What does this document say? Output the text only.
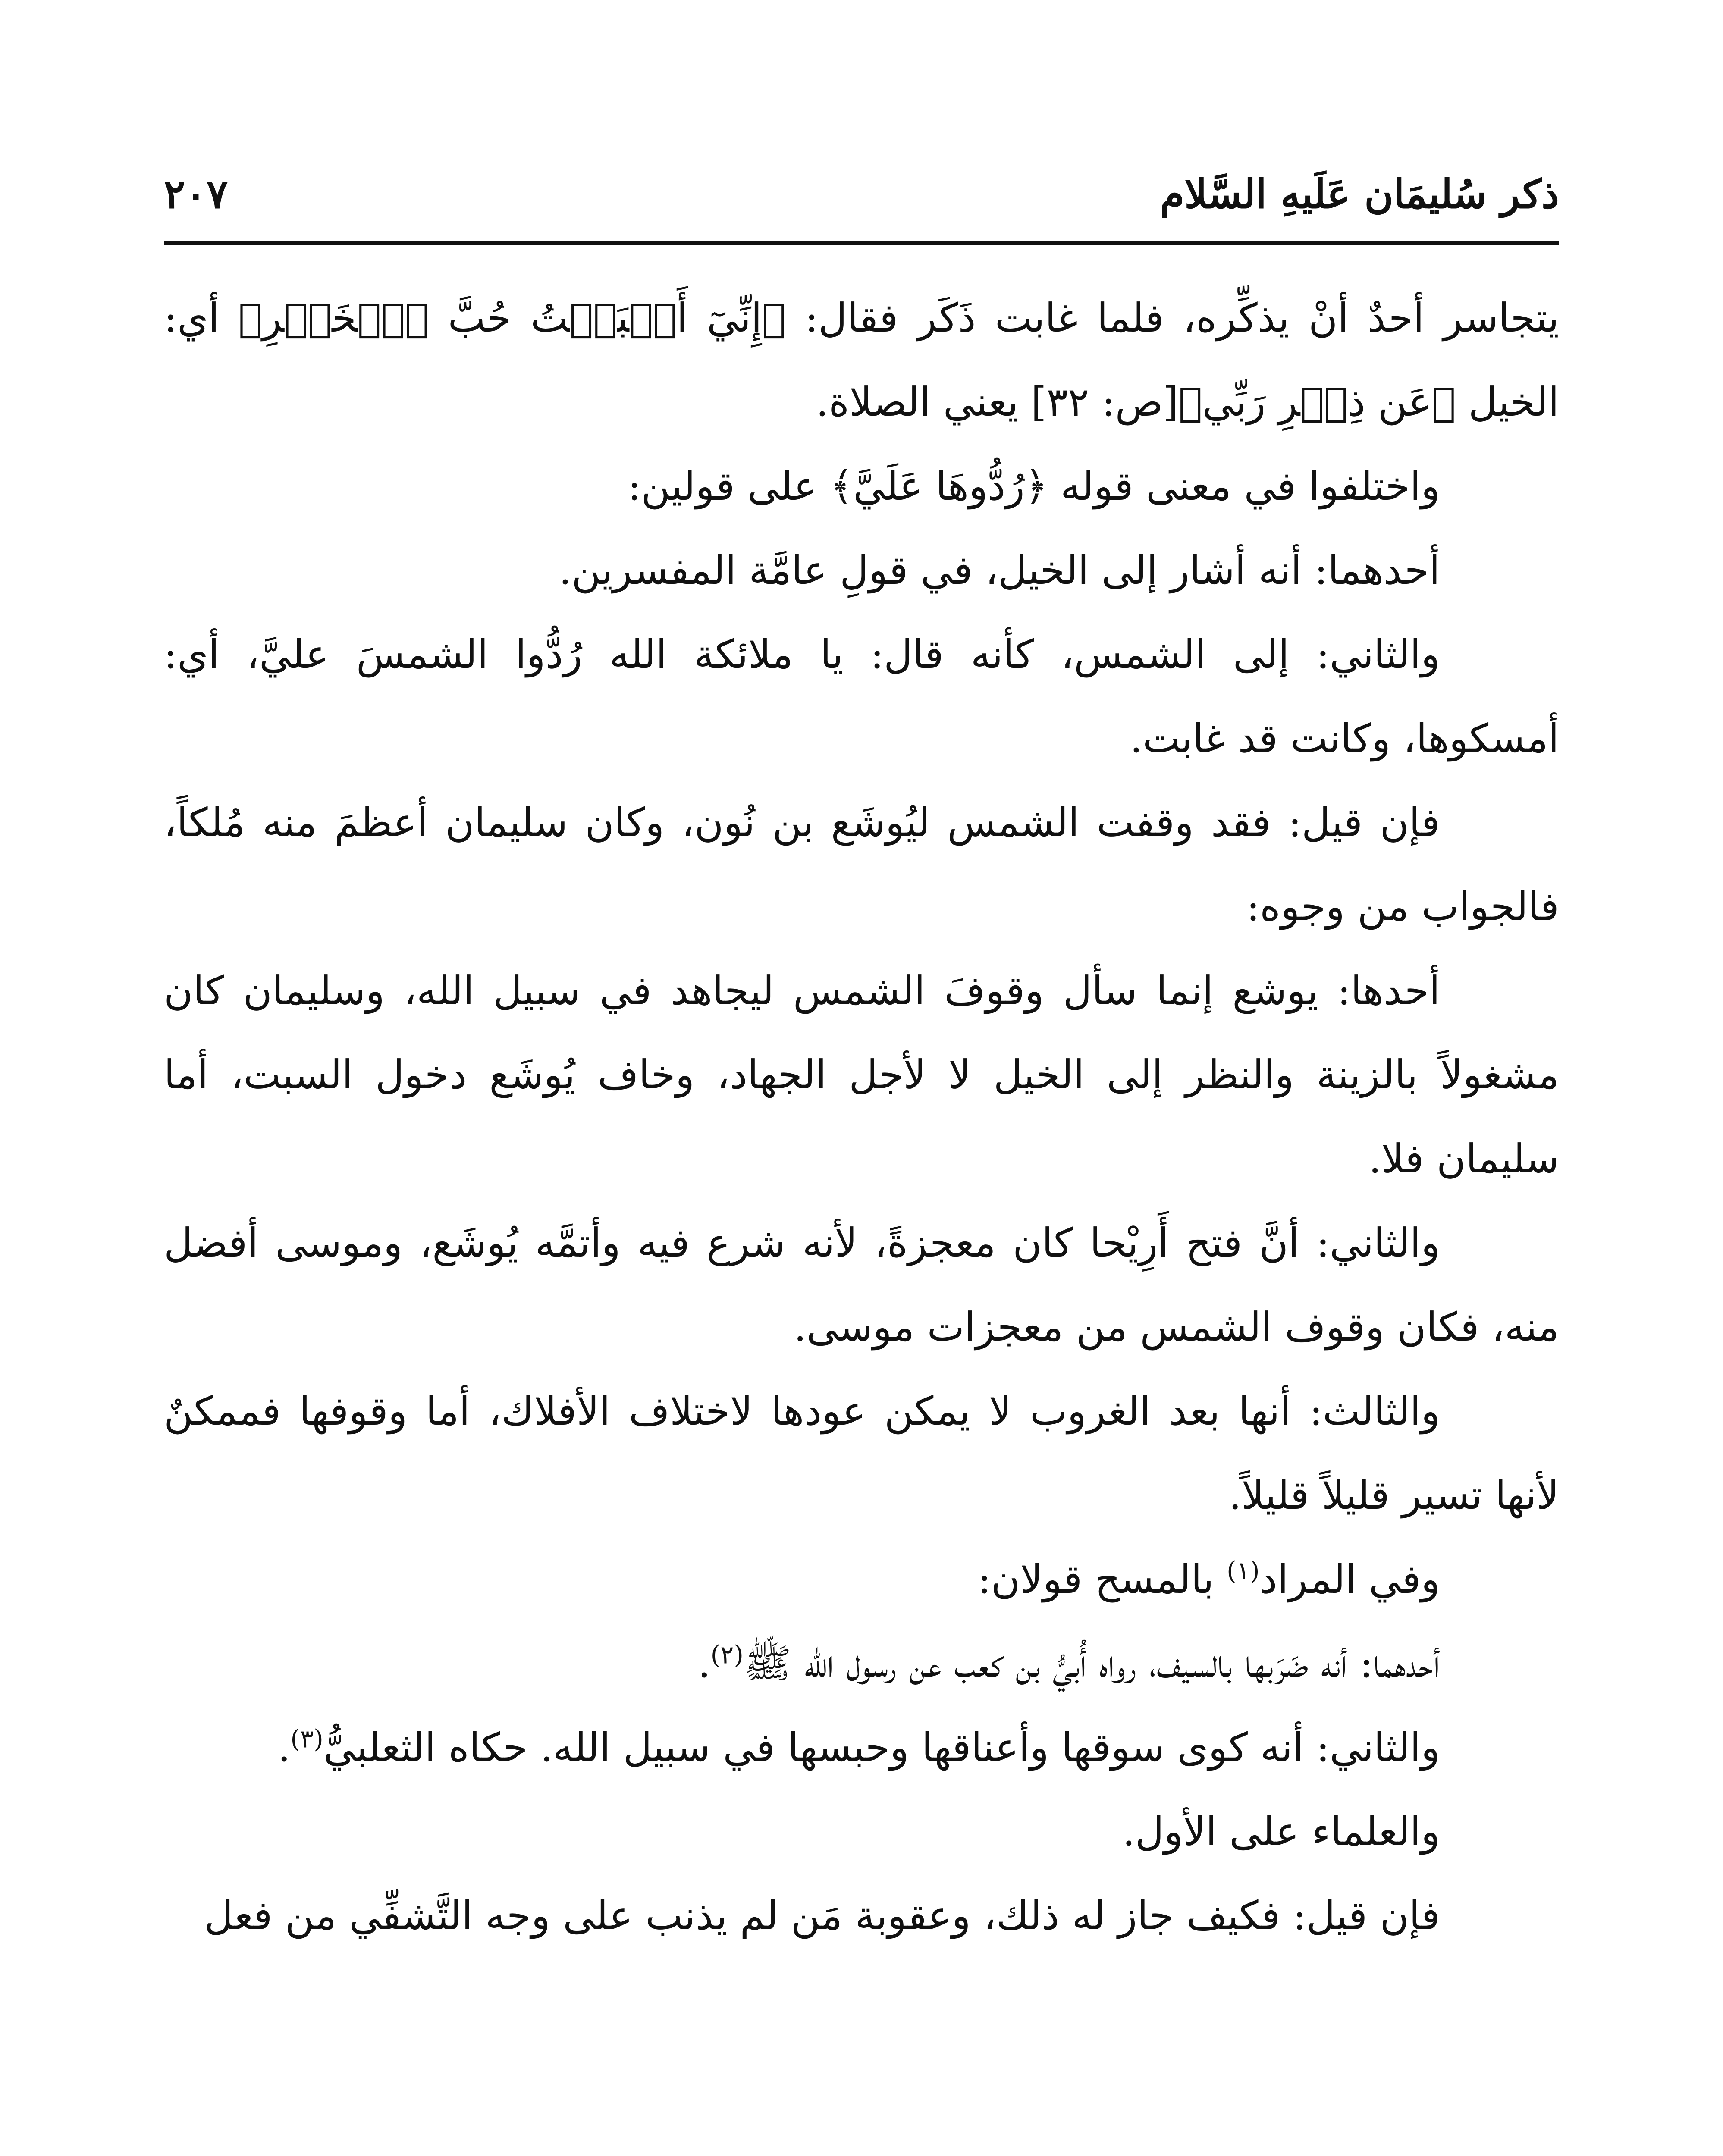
ذكر سُليمَان عَلَيهِ السَّلام
٢٠٧

يتجاسر أحدٌ أنْ يذكِّره، فلما غابت ذَكَر فقال: ﴿إِنِّيٓ أَحۡبَبۡتُ حُبَّ ٱلۡخَيۡرِ﴾ أي: الخيل ﴿عَن ذِكۡرِ رَبِّي﴾[ص: ٣٢] يعني الصلاة.

واختلفوا في معنى قوله ﴿رُدُّوهَا عَلَيَّ﴾ على قولين:

أحدهما: أنه أشار إلى الخيل، في قولِ عامَّة المفسرين.

والثاني: إلى الشمس، كأنه قال: يا ملائكة الله رُدُّوا الشمسَ عليَّ، أي: أمسكوها، وكانت قد غابت.

فإن قيل: فقد وقفت الشمس ليُوشَع بن نُون، وكان سليمان أعظمَ منه مُلكاً، فالجواب من وجوه:

أحدها: يوشع إنما سأل وقوفَ الشمس ليجاهد في سبيل الله، وسليمان كان مشغولاً بالزينة والنظر إلى الخيل لا لأجل الجهاد، وخاف يُوشَع دخول السبت، أما سليمان فلا.

والثاني: أنَّ فتح أَرِيْحا كان معجزةً، لأنه شرع فيه وأتمَّه يُوشَع، وموسى أفضل منه، فكان وقوف الشمس من معجزات موسى.

والثالث: أنها بعد الغروب لا يمكن عودها لاختلاف الأفلاك، أما وقوفها فممكنٌ لأنها تسير قليلاً قليلاً.

وفي المراد$^{(١)}$ بالمسح قولان:

أحدهما: أنه ضَرَبها بالسيف، رواه أُبيُّ بن كعب عن رسول الله ﷺ$^{(٢)}$.

والثاني: أنه كوى سوقها وأعناقها وحبسها في سبيل الله. حكاه الثعلبيُّ$^{(٣)}$.

والعلماء على الأول.

فإن قيل: فكيف جاز له ذلك، وعقوبة مَن لم يذنب على وجه التَّشفِّي من فعل
